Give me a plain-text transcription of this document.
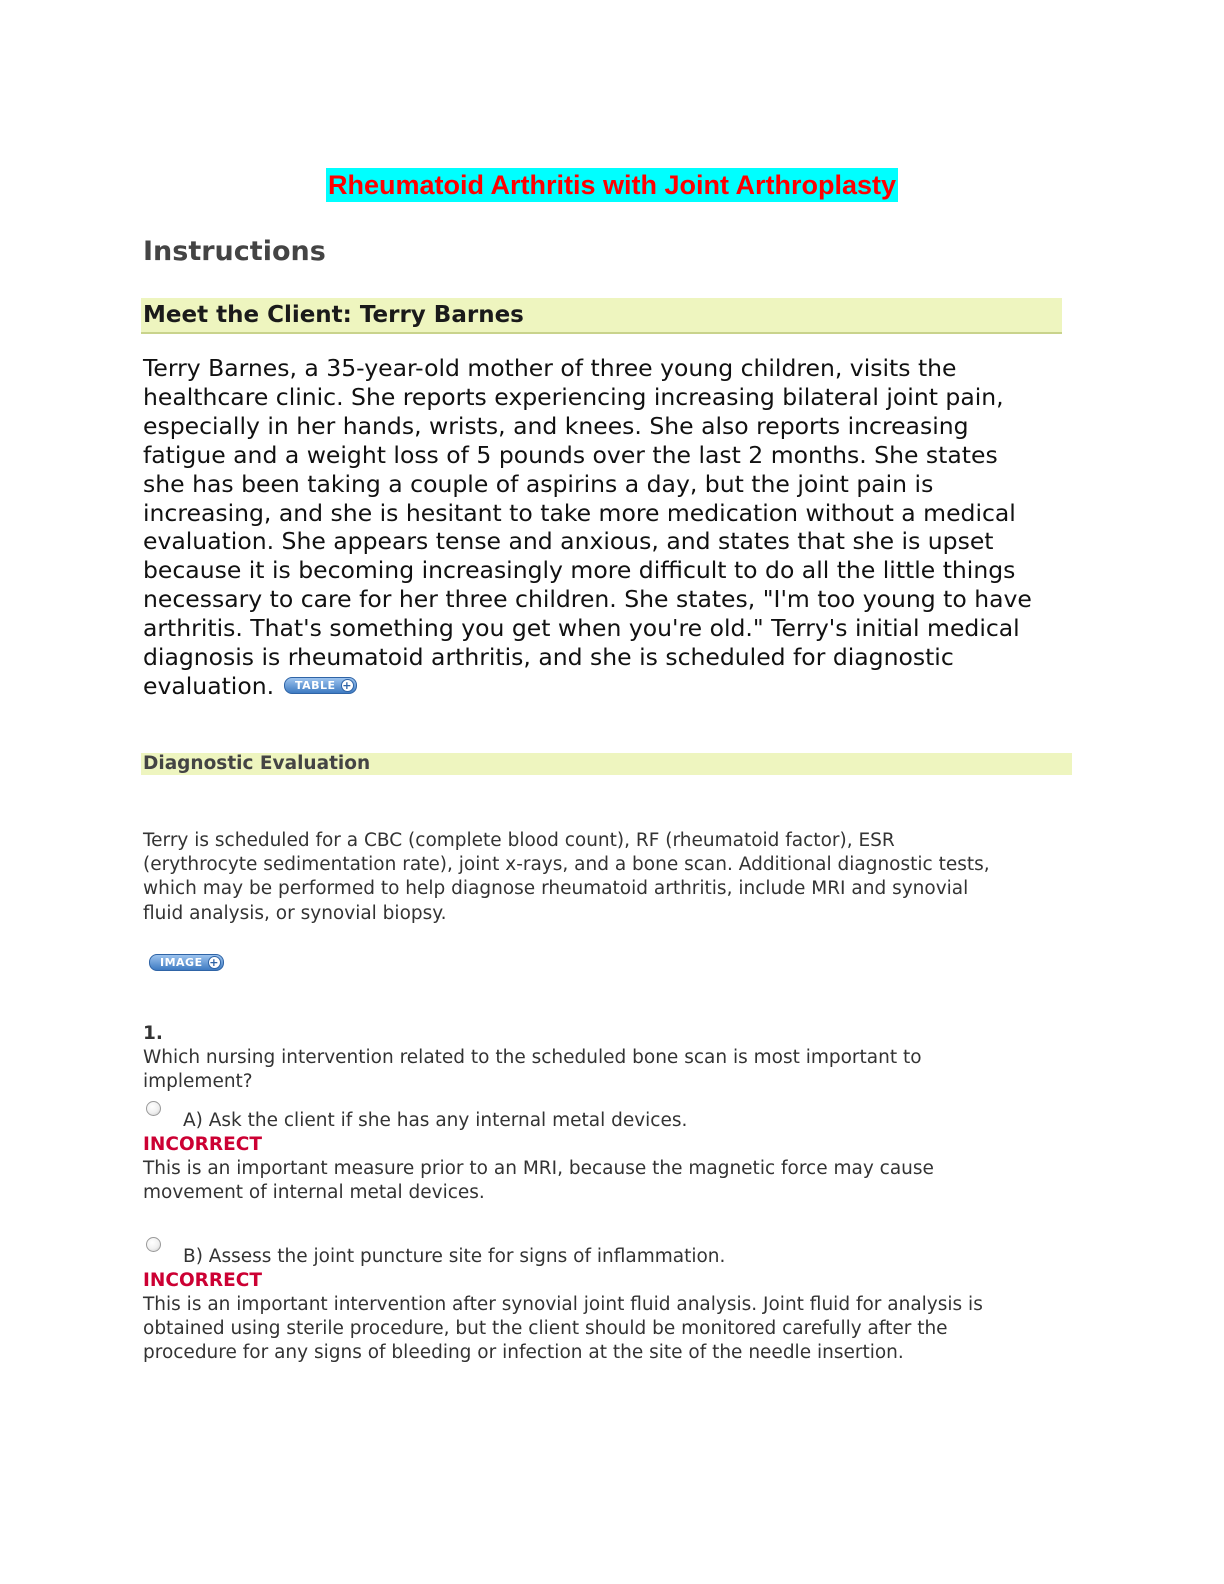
Rheumatoid Arthritis with Joint Arthroplasty
Instructions
Meet the Client: Terry Barnes
Terry Barnes, a 35-year-old mother of three young children, visits the
healthcare clinic. She reports experiencing increasing bilateral joint pain,
especially in her hands, wrists, and knees. She also reports increasing
fatigue and a weight loss of 5 pounds over the last 2 months. She states
she has been taking a couple of aspirins a day, but the joint pain is
increasing, and she is hesitant to take more medication without a medical
evaluation. She appears tense and anxious, and states that she is upset
because it is becoming increasingly more difficult to do all the little things
necessary to care for her three children. She states, "I'm too young to have
arthritis. That's something you get when you're old." Terry's initial medical
diagnosis is rheumatoid arthritis, and she is scheduled for diagnostic
evaluation.	TABLE +
Diagnostic Evaluation
Terry is scheduled for a CBC (complete blood count), RF (rheumatoid factor), ESR
(erythrocyte sedimentation rate), joint x-rays, and a bone scan. Additional diagnostic tests,
which may be performed to help diagnose rheumatoid arthritis, include MRI and synovial
fluid analysis, or synovial biopsy.
IMAGE +
1.
Which nursing intervention related to the scheduled bone scan is most important to
implement?
A) Ask the client if she has any internal metal devices.
INCORRECT
This is an important measure prior to an MRI, because the magnetic force may cause
movement of internal metal devices.
B) Assess the joint puncture site for signs of inflammation.
INCORRECT
This is an important intervention after synovial joint fluid analysis. Joint fluid for analysis is
obtained using sterile procedure, but the client should be monitored carefully after the
procedure for any signs of bleeding or infection at the site of the needle insertion.
